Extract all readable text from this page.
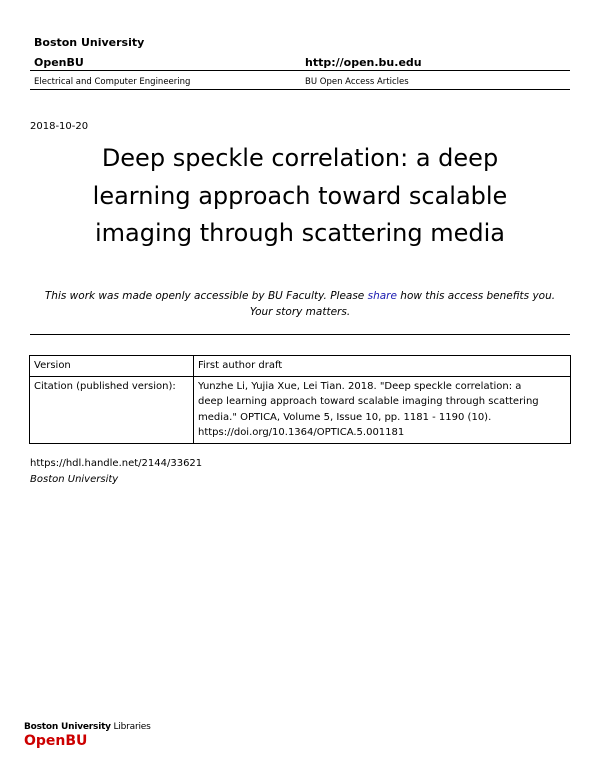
Boston University
OpenBU	http://open.bu.edu
Electrical and Computer Engineering	BU Open Access Articles
2018-10-20
Deep speckle correlation: a deep
learning approach toward scalable
imaging through scattering media
This work was made openly accessible by BU Faculty. Please share how this access benefits you.
Your story matters.
Version	First author draft
Citation (published version):	Yunzhe Li, Yujia Xue, Lei Tian. 2018. "Deep speckle correlation: a
deep learning approach toward scalable imaging through scattering
media." OPTICA, Volume 5, Issue 10, pp. 1181 - 1190 (10).
https://doi.org/10.1364/OPTICA.5.001181
https://hdl.handle.net/2144/33621
Boston University
Boston University Libraries
OpenBU
